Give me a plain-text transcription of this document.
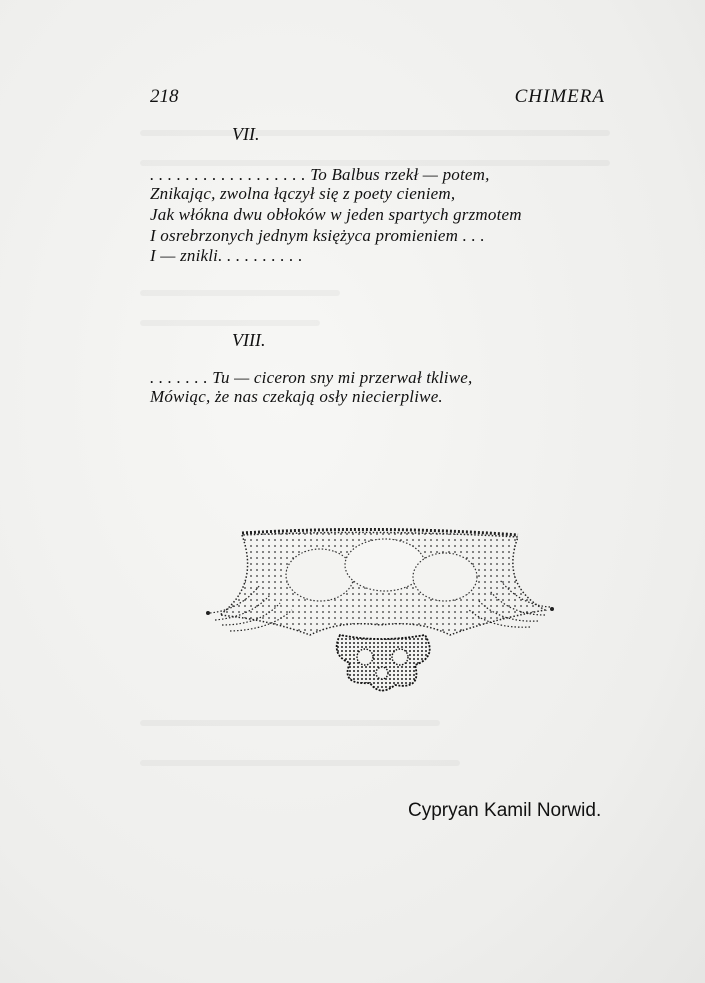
218	CHIMERA
VII.
. . . . . . . . . . . . . . . . . . To Balbus rzekł — potem,
Znikając, zwolna łączył się z poety cieniem,
Jak włókna dwu obłoków w jeden spartych grzmotem
I osrebrzonych jednym księżyca promieniem . . .
I — znikli. . . . . . . . . .
VIII.
. . . . . . . Tu — ciceron sny mi przerwał tkliwe,
Mówiąc, że nas czekają osły niecierpliwe.
Cypryan Kamil Norwid.
